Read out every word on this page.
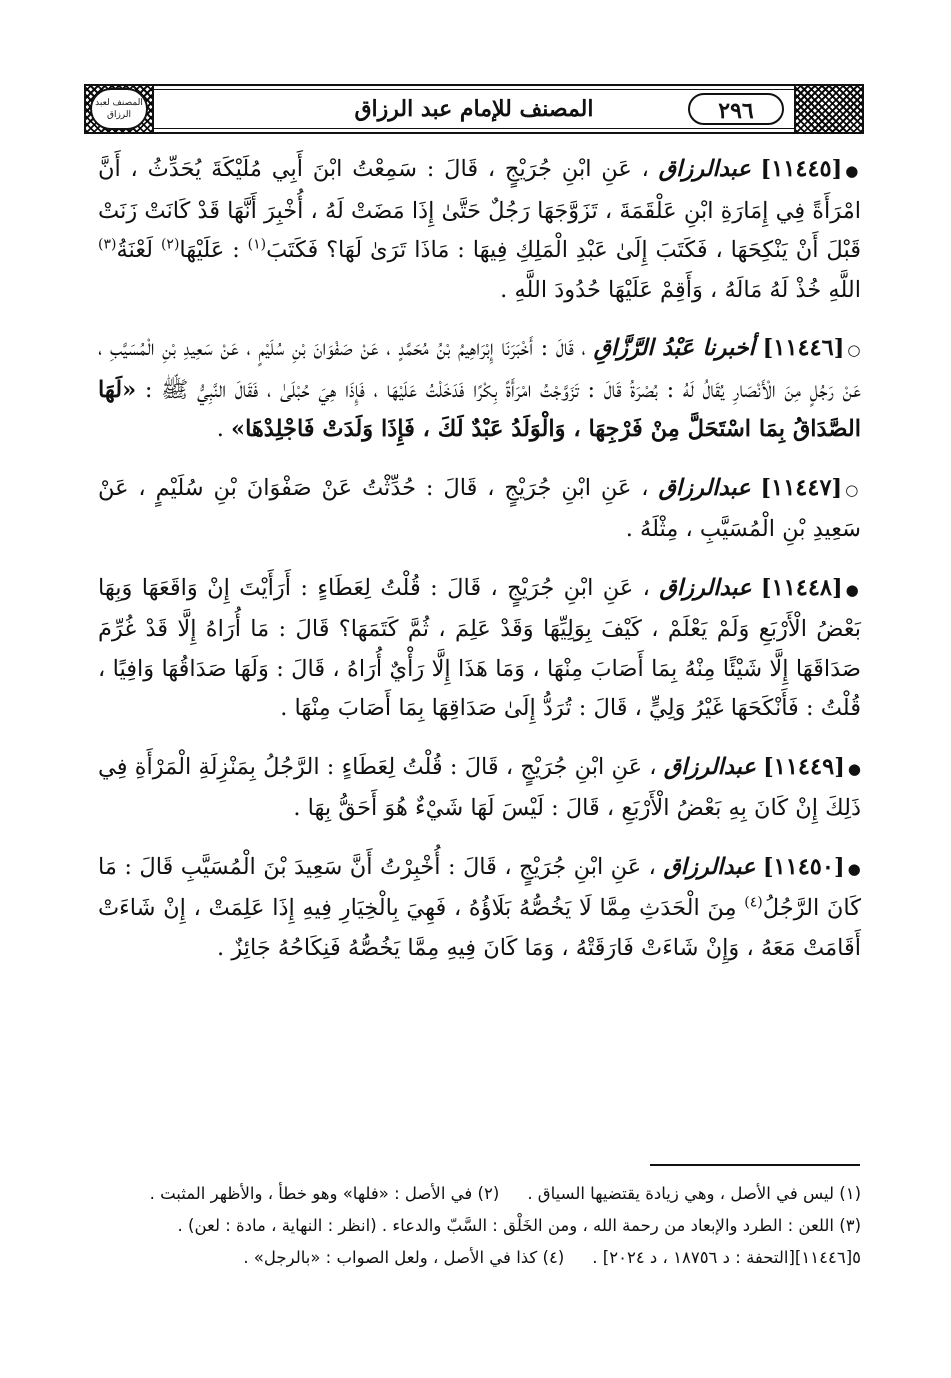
المصنف لعبد الرزاق	٢٩٦
المصنف للإمام عبد الرزاق

●[١١٤٤٥] عبدالرزاق ، عَنِ ابْنِ جُرَيْجٍ ، قَالَ : سَمِعْتُ ابْنَ أَبِي مُلَيْكَةَ يُحَدِّثُ ، أَنَّ امْرَأَةً فِي إِمَارَةِ ابْنِ عَلْقَمَةَ ، تَزَوَّجَهَا رَجُلٌ حَتَّىٰ إِذَا مَضَتْ لَهُ ، أُخْبِرَ أَنَّهَا قَدْ كَانَتْ زَنَتْ قَبْلَ أَنْ يَنْكِحَهَا ، فَكَتَبَ إِلَىٰ عَبْدِ الْمَلِكِ فِيهَا : مَاذَا تَرَىٰ لَهَا؟ فَكَتَبَ$^{(١)}$ : عَلَيْهَا$^{(٢)}$ لَعْنَةُ$^{(٣)}$ اللَّهِ خُذْ لَهُ مَالَهُ ، وَأَقِمْ عَلَيْهَا حُدُودَ اللَّهِ .

○[١١٤٤٦] أخبرنا عَبْدُ الرَّزَّاقِ ، قَالَ : أَخْبَرَنَا إِبْرَاهِيمُ بْنُ مُحَمَّدٍ ، عَنْ صَفْوَانَ بْنِ سُلَيْمٍ ، عَنْ سَعِيدِ بْنِ الْمُسَيَّبِ ، عَنْ رَجُلٍ مِنَ الْأَنْصَارِ يُقَالُ لَهُ : بُصْرَةُ قَالَ : تَزَوَّجْتُ امْرَأَةً بِكْرًا فَدَخَلْتُ عَلَيْهَا ، فَإِذَا هِيَ حُبْلَىٰ ، فَقَالَ النَّبِيُّ ﷺ : «لَهَا الصَّدَاقُ بِمَا اسْتَحَلَّ مِنْ فَرْجِهَا ، وَالْوَلَدُ عَبْدٌ لَكَ ، فَإِذَا وَلَدَتْ فَاجْلِدْهَا» .

○[١١٤٤٧] عبدالرزاق ، عَنِ ابْنِ جُرَيْجٍ ، قَالَ : حُدِّثْتُ عَنْ صَفْوَانَ بْنِ سُلَيْمٍ ، عَنْ سَعِيدِ بْنِ الْمُسَيَّبِ ، مِثْلَهُ .

●[١١٤٤٨] عبدالرزاق ، عَنِ ابْنِ جُرَيْجٍ ، قَالَ : قُلْتُ لِعَطَاءٍ : أَرَأَيْتَ إِنْ وَاقَعَهَا وَبِهَا بَعْضُ الْأَرْبَعِ وَلَمْ يَعْلَمْ ، كَيْفَ بِوَلِيِّهَا وَقَدْ عَلِمَ ، ثُمَّ كَتَمَهَا؟ قَالَ : مَا أُرَاهُ إِلَّا قَدْ غُرِّمَ صَدَاقَهَا إِلَّا شَيْئًا مِنْهُ بِمَا أَصَابَ مِنْهَا ، وَمَا هَذَا إِلَّا رَأْيٌ أُرَاهُ ، قَالَ : وَلَهَا صَدَاقُهَا وَافِيًا ، قُلْتُ : فَأَنْكَحَهَا غَيْرُ وَلِيٍّ ، قَالَ : تُرَدُّ إِلَىٰ صَدَاقِهَا بِمَا أَصَابَ مِنْهَا .

●[١١٤٤٩] عبدالرزاق ، عَنِ ابْنِ جُرَيْجٍ ، قَالَ : قُلْتُ لِعَطَاءٍ : الرَّجُلُ بِمَنْزِلَةِ الْمَرْأَةِ فِي ذَلِكَ إِنْ كَانَ بِهِ بَعْضُ الْأَرْبَعِ ، قَالَ : لَيْسَ لَهَا شَيْءٌ هُوَ أَحَقُّ بِهَا .

●[١١٤٥٠] عبدالرزاق ، عَنِ ابْنِ جُرَيْجٍ ، قَالَ : أُخْبِرْتُ أَنَّ سَعِيدَ بْنَ الْمُسَيَّبِ قَالَ : مَا كَانَ الرَّجُلُ$^{(٤)}$ مِنَ الْحَدَثِ مِمَّا لَا يَخُصُّهُ بَلَاؤُهُ ، فَهِيَ بِالْخِيَارِ فِيهِ إِذَا عَلِمَتْ ، إِنْ شَاءَتْ أَقَامَتْ مَعَهُ ، وَإِنْ شَاءَتْ فَارَقَتْهُ ، وَمَا كَانَ فِيهِ مِمَّا يَخُصُّهُ فَنِكَاحُهُ جَائِزٌ .

(١) ليس في الأصل ، وهي زيادة يقتضيها السياق .(٢) في الأصل : «فلها» وهو خطأ ، والأظهر المثبت .
(٣) اللعن : الطرد والإبعاد من رحمة الله ، ومن الخَلْق : السَّبّ والدعاء . (انظر : النهاية ، مادة : لعن) .
٥[١١٤٤٦][التحفة : د ١٨٧٥٦ ، د ٢٠٢٤] .(٤) كذا في الأصل ، ولعل الصواب : «بالرجل» .
